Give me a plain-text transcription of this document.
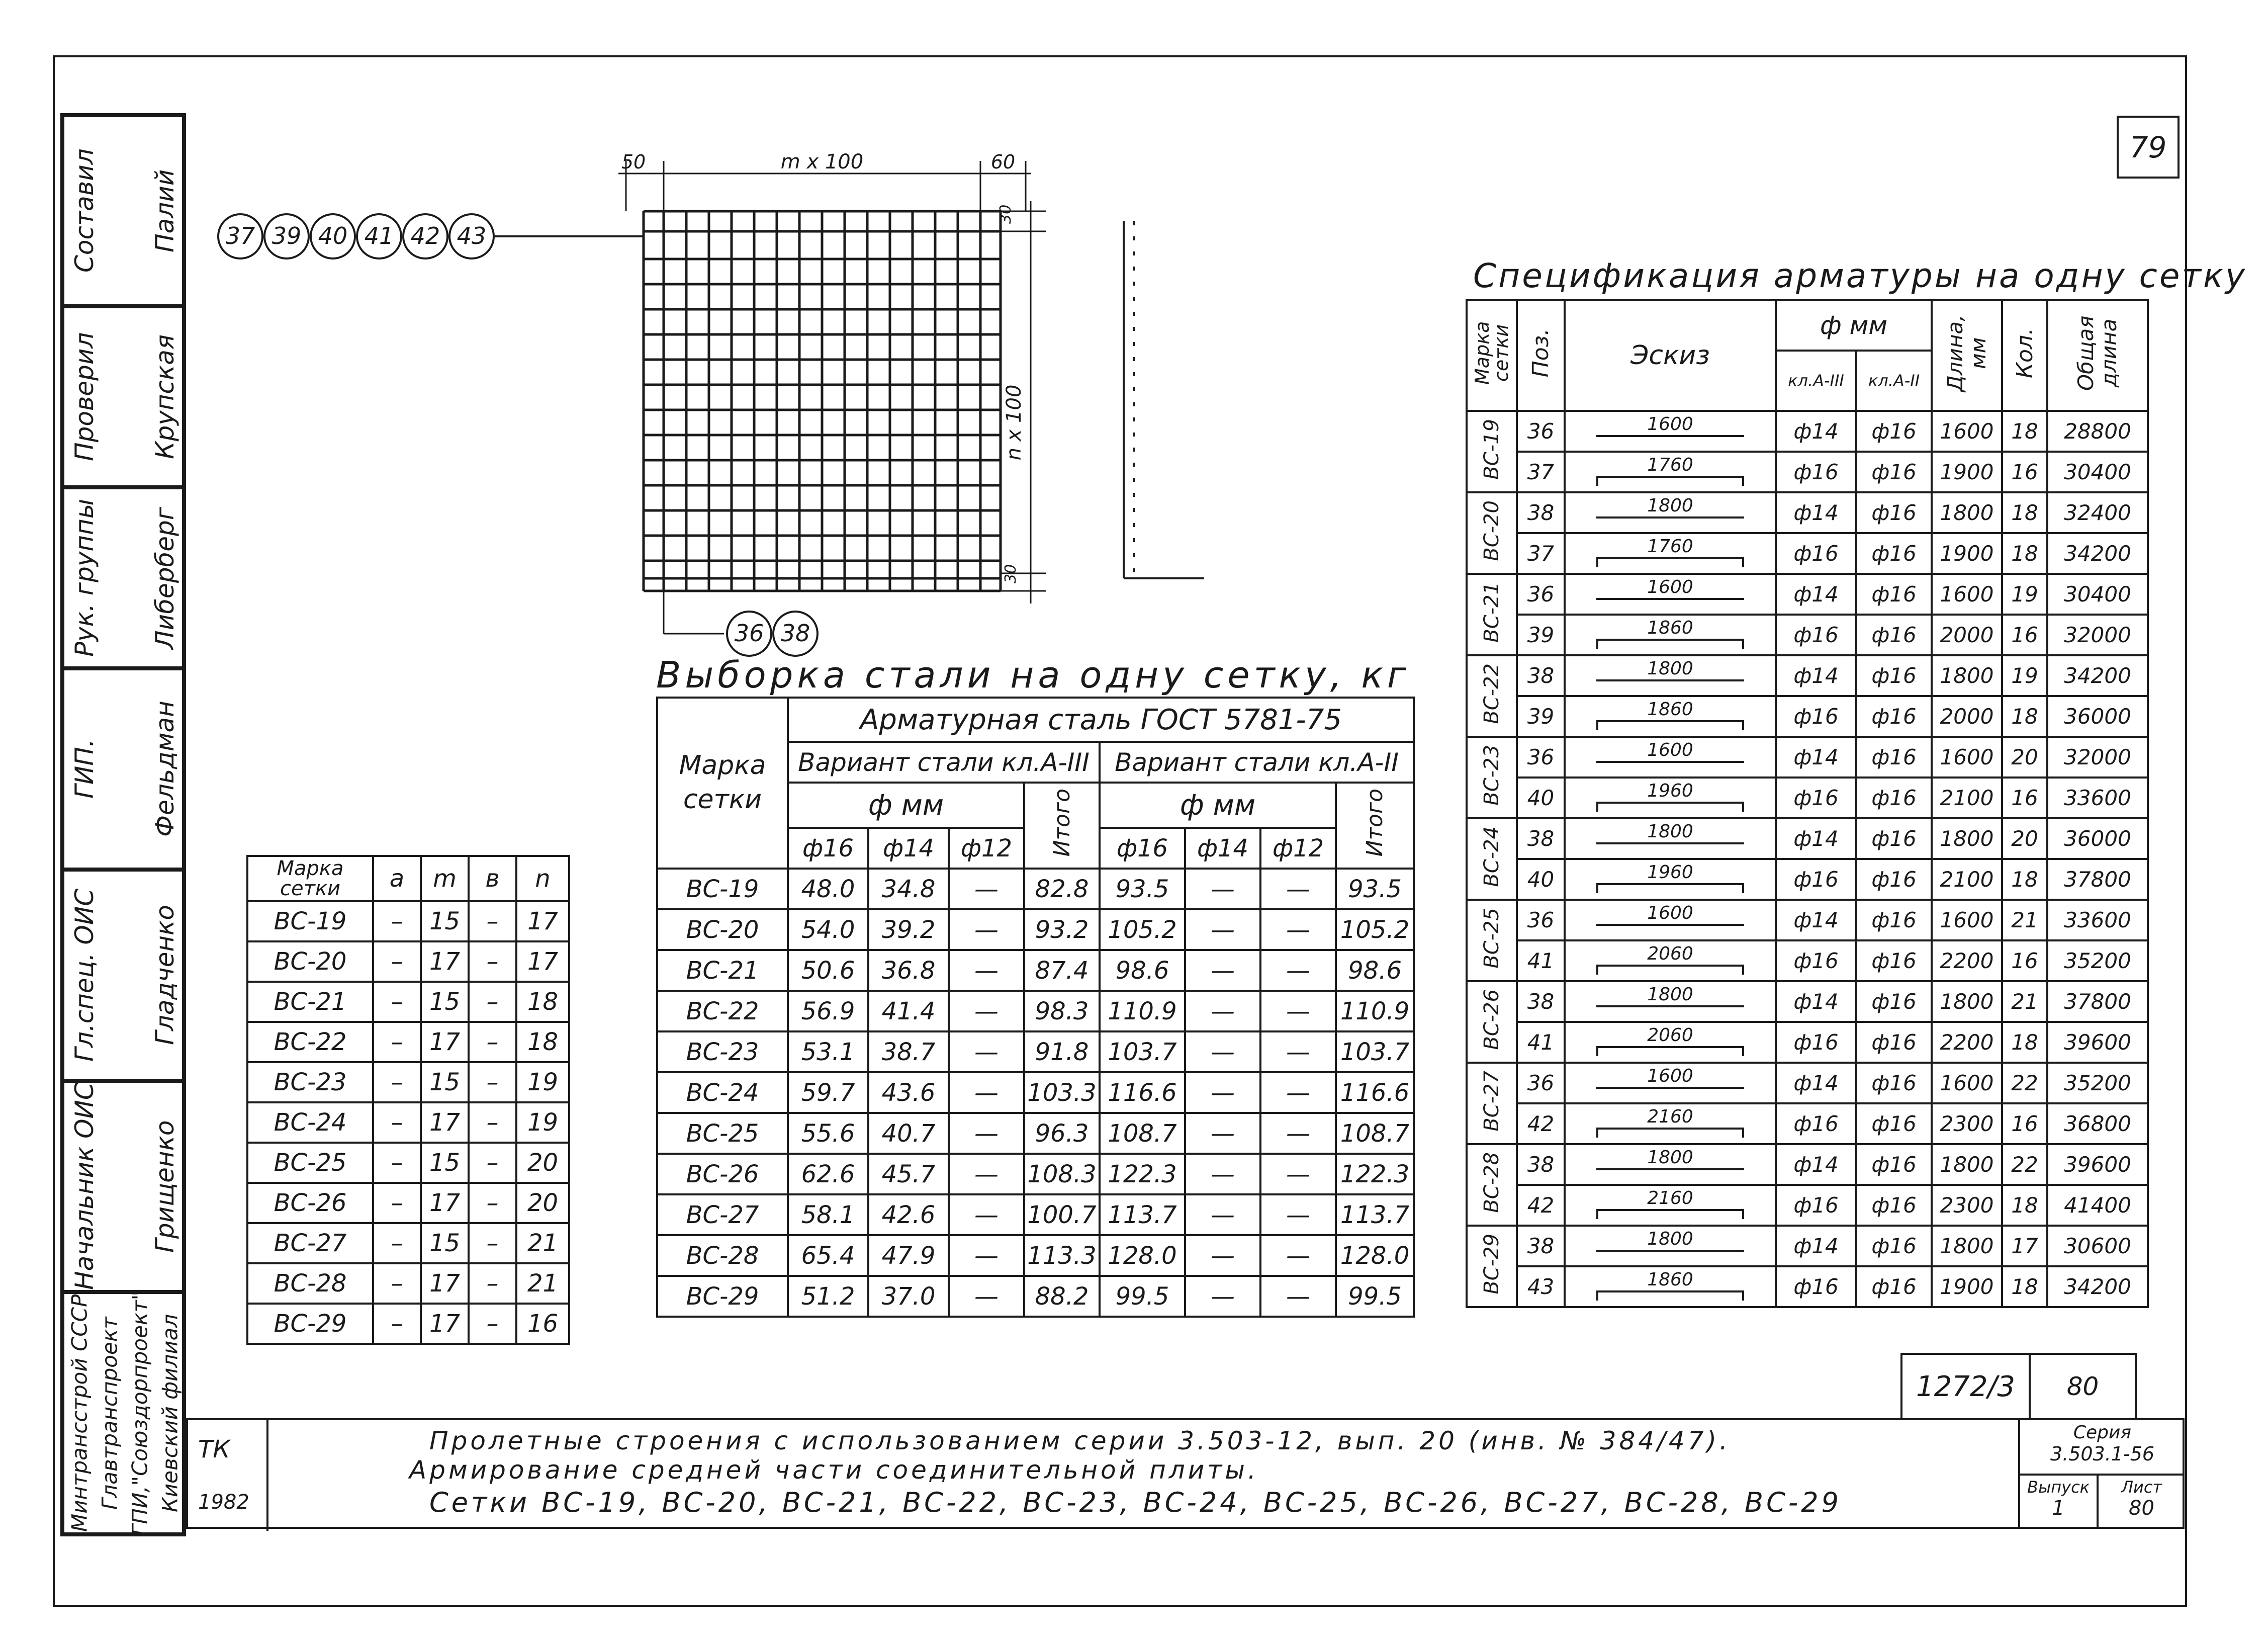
79
Составил Палий
Проверил Крупская
Рук. группы Либерберг
ГИП. Фельдман
Гл.спец. ОИС Гладченко
Начальник ОИС Грищенко
Минтрансстрой СССР Главтранспроект ГПИ,"Союздорпроект" Киевский филиал
37 39 40 41 42 43
50	m x 100	60
30
n x 100
30
36 38
Марка сетки	а	m	в	n
ВС-19	–	15	–	17
ВС-20	–	17	–	17
ВС-21	–	15	–	18
ВС-22	–	17	–	18
ВС-23	–	15	–	19
ВС-24	–	17	–	19
ВС-25	–	15	–	20
ВС-26	–	17	–	20
ВС-27	–	15	–	21
ВС-28	–	17	–	21
ВС-29	–	17	–	16
Выборка стали на одну сетку, кг
Марка сетки	Арматурная сталь ГОСТ 5781-75							
	Вариант стали кл.А-III				Вариант стали кл.А-II			
	ф мм			Итого	ф мм			Итого
	ф16	ф14	ф12		ф16	ф14	ф12	
ВС-19	48.0	34.8	—	82.8	93.5	—	—	93.5
ВС-20	54.0	39.2	—	93.2	105.2	—	—	105.2
ВС-21	50.6	36.8	—	87.4	98.6	—	—	98.6
ВС-22	56.9	41.4	—	98.3	110.9	—	—	110.9
ВС-23	53.1	38.7	—	91.8	103.7	—	—	103.7
ВС-24	59.7	43.6	—	103.3	116.6	—	—	116.6
ВС-25	55.6	40.7	—	96.3	108.7	—	—	108.7
ВС-26	62.6	45.7	—	108.3	122.3	—	—	122.3
ВС-27	58.1	42.6	—	100.7	113.7	—	—	113.7
ВС-28	65.4	47.9	—	113.3	128.0	—	—	128.0
ВС-29	51.2	37.0	—	88.2	99.5	—	—	99.5
Спецификация арматуры на одну сетку
Марка сетки	Поз.	Эскиз	ф мм		Длина, мм	Кол.	Общая длина
			кл.А-III	кл.А-II			
ВС-19	36	1600	ф14	ф16	1600	18	28800
	37	1760	ф16	ф16	1900	16	30400
ВС-20	38	1800	ф14	ф16	1800	18	32400
	37	1760	ф16	ф16	1900	18	34200
ВС-21	36	1600	ф14	ф16	1600	19	30400
	39	1860	ф16	ф16	2000	16	32000
ВС-22	38	1800	ф14	ф16	1800	19	34200
	39	1860	ф16	ф16	2000	18	36000
ВС-23	36	1600	ф14	ф16	1600	20	32000
	40	1960	ф16	ф16	2100	16	33600
ВС-24	38	1800	ф14	ф16	1800	20	36000
	40	1960	ф16	ф16	2100	18	37800
ВС-25	36	1600	ф14	ф16	1600	21	33600
	41	2060	ф16	ф16	2200	16	35200
ВС-26	38	1800	ф14	ф16	1800	21	37800
	41	2060	ф16	ф16	2200	18	39600
ВС-27	36	1600	ф14	ф16	1600	22	35200
	42	2160	ф16	ф16	2300	16	36800
ВС-28	38	1800	ф14	ф16	1800	22	39600
	42	2160	ф16	ф16	2300	18	41400
ВС-29	38	1800	ф14	ф16	1800	17	30600
	43	1860	ф16	ф16	1900	18	34200
1272/3 80
ТК
1982
Пролетные строения с использованием серии 3.503-12, вып. 20 (инв. № 384/47).
Армирование средней части соединительной плиты.
Сетки ВС-19, ВС-20, ВС-21, ВС-22, ВС-23, ВС-24, ВС-25, ВС-26, ВС-27, ВС-28, ВС-29
Серия
3.503.1-56
Выпуск
1
Лист
80
